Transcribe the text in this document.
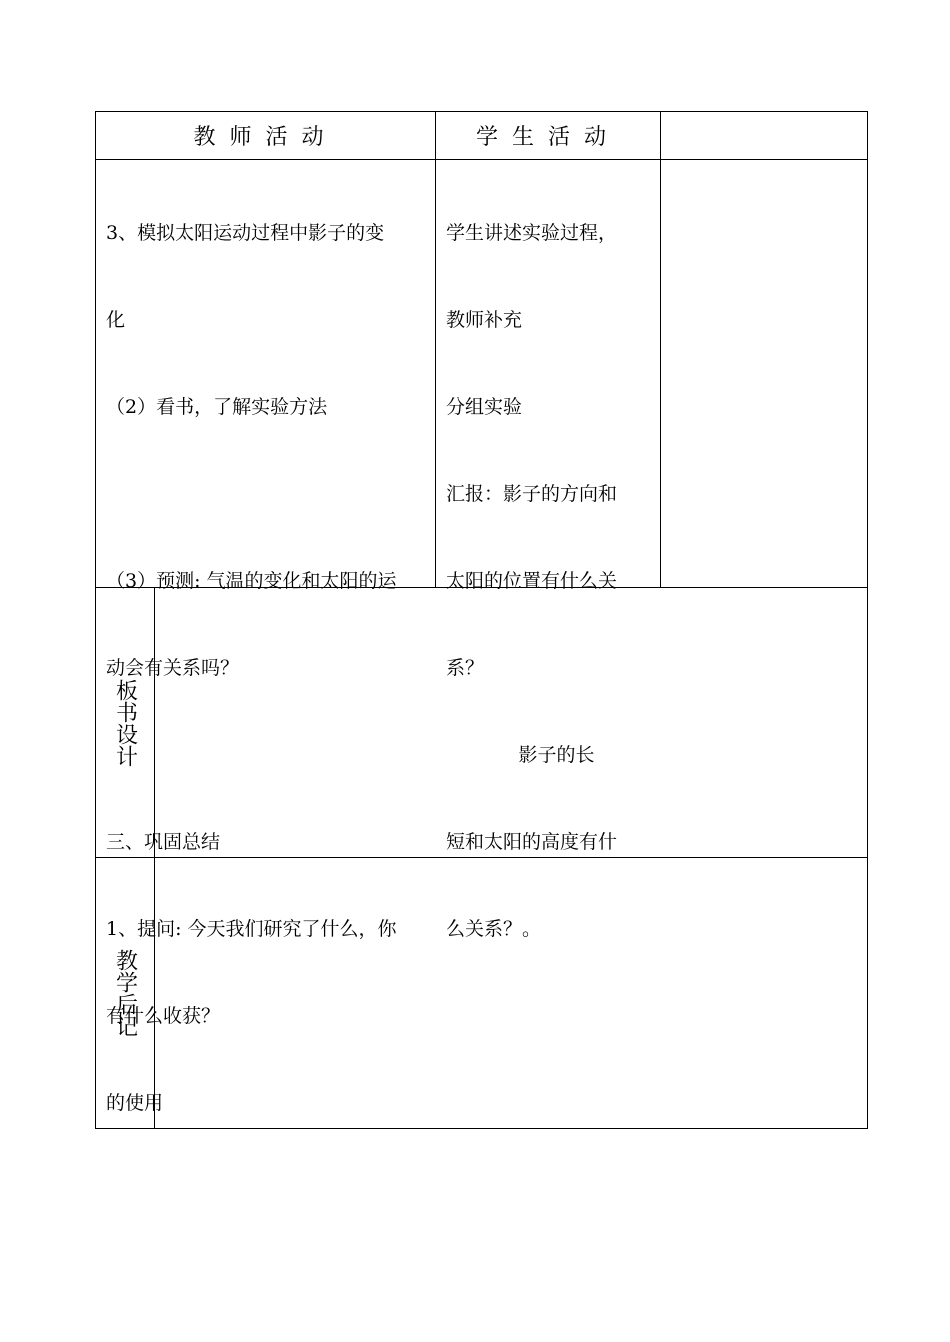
教师活动	学生活动

3、模拟太阳运动过程中影子的变

化

（2）看书，了解实验方法

（3）预测: 气温的变化和太阳的运

动会有关系吗？

三、巩固总结

1、提问: 今天我们研究了什么，你

有什么收获？

的使用

学生讲述实验过程，

教师补充

分组实验

汇报：影子的方向和

太阳的位置有什么关

系？

影子的长

短和太阳的高度有什

么关系？。

板书设计

教学后记
